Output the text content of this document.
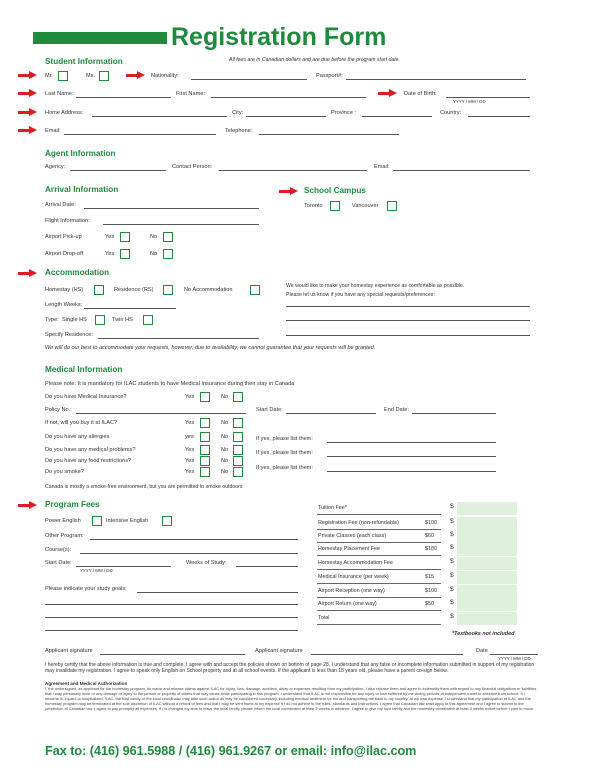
Registration Form
All fees are in Canadian dollars and are due before the program start date.
Student Information
Mr.	Ms.	Nationality:	Passport#:
Last Name:	First Name:	Date of Birth:
YYYY / MM / DD
Home Address:	City:	Province :	Country:
Email:	Telephone:
Agent Information
Agency:	Contact Person:	Email:
Arrival Information
Arrival Date:
Flight Information:
Airport Pick-up	Yes	No
Airport Drop-off	Yes	No
School Campus
Toronto	Vancouver
Accommodation
Homestay (HS)	Residence (RS)	No Accommodation
Length Weeks:
Type: Single HS	Twin HS
Specify Residence:
We would like to make your homestay experience as comfortable as possible.
Please let us know if you have any special requests/preferences:
We will do our best to accommodate your requests, however, due to availability, we cannot guarantee that your requests will be granted.
Medical Information
Please note: It is mandatory for ILAC students to have Medical Insurance during their stay in Canada
Do you have Medical Insurance?	Yes	No
Policy No.:	Start Date:	End Date:
If not, will you buy it at ILAC?	Yes	No
Do you have any allergies	yes	No	If yes, please list them:
Do you have any medical problems?	Yes	No	If yes, please list them:
Do you have any food restrictions?	Yes	No
If yes, please list them:
Do you smoke?	Yes	No
Canada is mostly a smoke-free environment, but you are permitted to smoke outdoors
Program Fees
Power English	Intensive English
Other Program:
Course(s):
Start Date:
YYYY / MM / DD
Weeks of Study:
Please indicate your study goals:
Tuition Fee*	$
Registration Fee (non-refundable)	$100 $
Private Classes (each class)	$60 $
Homestay Placement Fee	$180 $
Homestay Accommodation Fee	$
Medical Insurance (per week)	$15 $
Airport Reception (one way)	$100 $
Airport Return (one way)	$50 $
Total	$
*Textbooks not included
Applicant signature	Applicant signature	Date
YYYY / MM / DD
I hereby certify that the above information is true and complete. I agree with and accept the policies shown on bottom of page 28. I understand that any false or incomplete information submitted in support of my registration may invalidate my registration. I agree to speak only English on School property and at all school events. If the applicant is less than 18 years old, please have a parent co-sign below.
Agreement and Medical Authorization
I, the undersigned, as applicant for the homestay program, do waive and release claims against ILAC for injury, loss, damage, accident, delay or expenses resulting from my participation. I also release them and agree to indemnify them with regard to any financial obligations or liabilities that I may personally incur or any damage or injury to the person or property of others that may cause while participating in this program. I understand that ILAC is not responsible for any injury or loss suffered by me during periods of independent travel or absence from school. If I become ill, injured or hospitalized, ILAC, the host family or the local coordinator may take such action as may be considered necessary, including medical treatment for me and transporting me back to my country, at my own expense. I understand that my participation at ILAC and the homestay program may be terminated at the sole discretion of ILAC without a refund of fees and that I may be sent home at my expense if I do not adhere to the rules, standards and instructions. I agree that Canadian law shall apply to this agreement and I agree to submit to the jurisdiction of Canadian law. I agree to pay promptly all expenses. If I is changed my time to leave the local family, please inform the local coordinator at least 2 weeks in advance. I agree to give my host family and the homestay coordinator at least 4 weeks notice before I plan to move.
Fax to: (416) 961.5988 / (416) 961.9267 or email: info@ilac.com
